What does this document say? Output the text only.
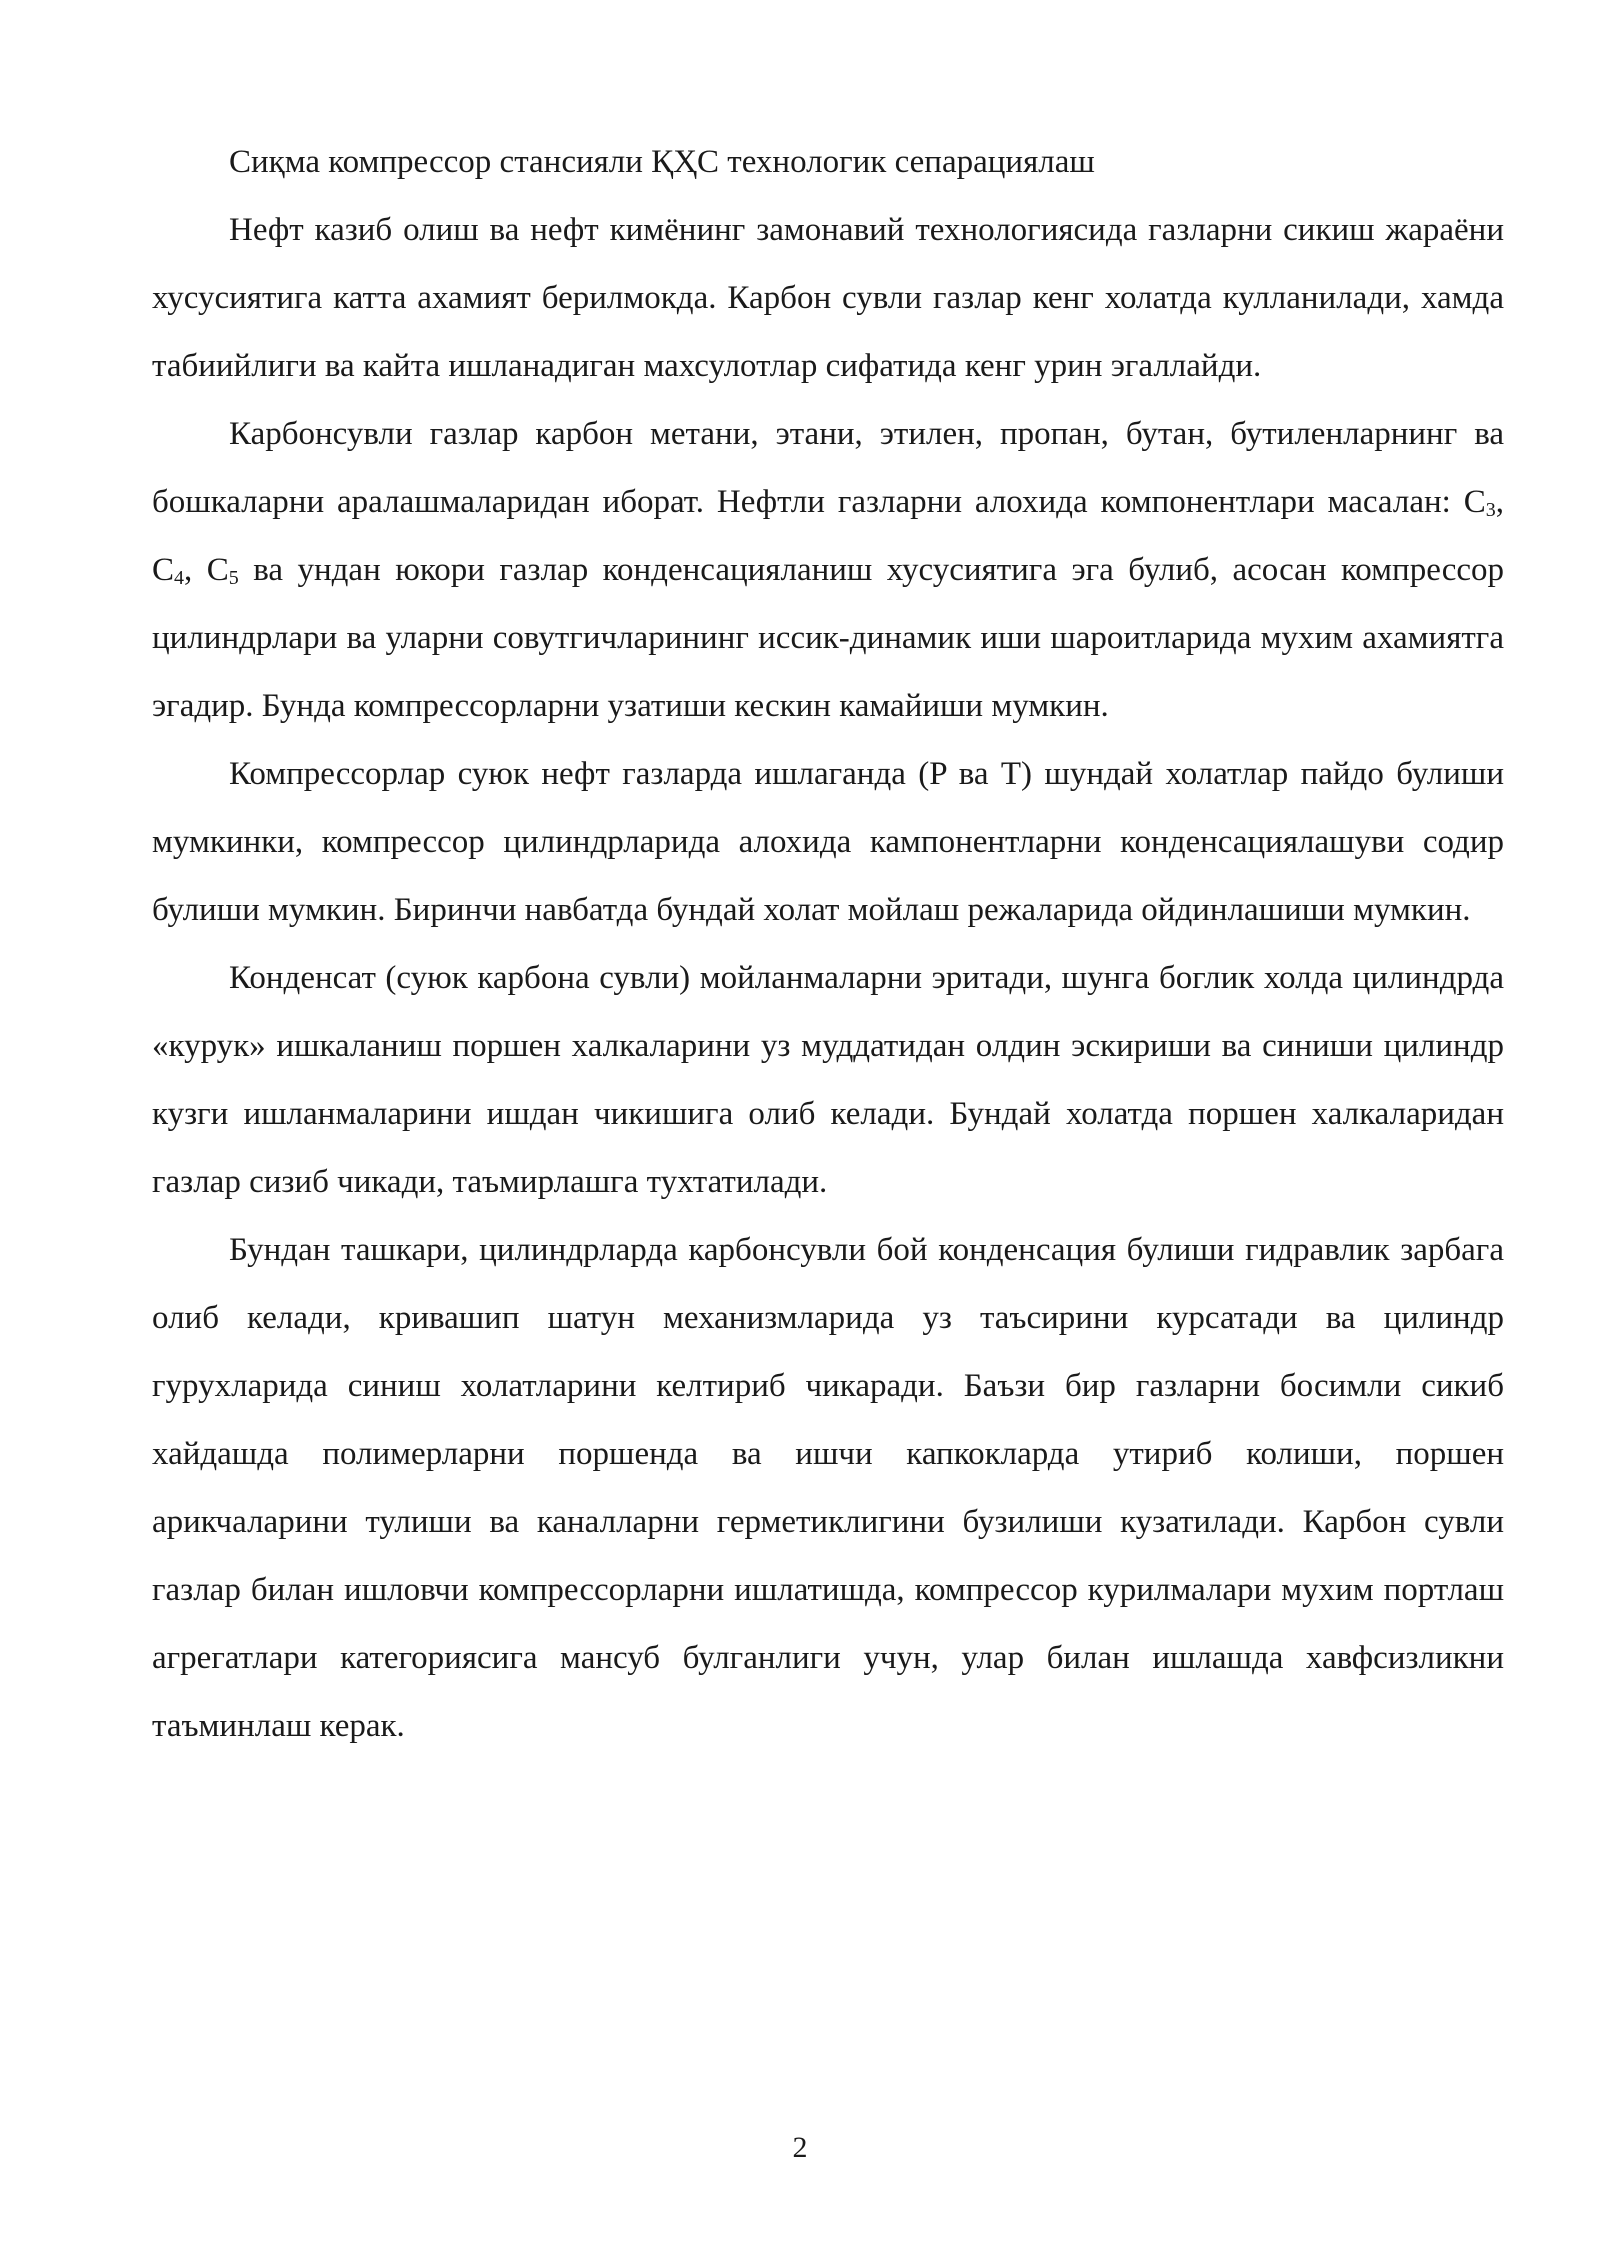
Сиқма компрессор стансияли ҚҲС технологик сепарациялаш

Нефт казиб олиш ва нефт кимёнинг замонавий технологиясида газларни сикиш жараёни хусусиятига катта ахамият берилмокда. Карбон сувли газлар кенг холатда кулланилади, хамда табиийлиги ва кайта ишланадиган махсулотлар сифатида кенг урин эгаллайди.

Карбонсувли газлар карбон метани, этани, этилен, пропан, бутан, бутиленларнинг ва бошкаларни аралашмаларидан иборат. Нефтли газларни алохида компонентлари масалан: $C_3$, $C_4$, $C_5$ ва ундан юкори газлар конденсацияланиш хусусиятига эга булиб, асосан компрессор цилиндрлари ва уларни совутгичларининг иссик-динамик иши шароитларида мухим ахамиятга эгадир. Бунда компрессорларни узатиши кескин камайиши мумкин.

Компрессорлар суюк нефт газларда ишлаганда (P ва T) шундай холатлар пайдо булиши мумкинки, компрессор цилиндрларида алохида кампонентларни конденсациялашуви содир булиши мумкин. Биринчи навбатда бундай холат мойлаш режаларида ойдинлашиши мумкин.

Конденсат (суюк карбона сувли) мойланмаларни эритади, шунга боглик холда цилиндрда «курук» ишкаланиш поршен халкаларини уз муддатидан олдин эскириши ва синиши цилиндр кузги ишланмаларини ишдан чикишига олиб келади. Бундай холатда поршен халкаларидан газлар сизиб чикади, таъмирлашга тухтатилади.

Бундан ташкари, цилиндрларда карбонсувли бой конденсация булиши гидравлик зарбага олиб келади, кривашип шатун механизмларида уз таъсирини курсатади ва цилиндр гурухларида синиш холатларини келтириб чикаради. Баъзи бир газларни босимли сикиб хайдашда полимерларни поршенда ва ишчи капкокларда утириб колиши, поршен арикчаларини тулиши ва каналларни герметиклигини бузилиши кузатилади. Карбон сувли газлар билан ишловчи компрессорларни ишлатишда, компрессор курилмалари мухим портлаш агрегатлари категориясига мансуб булганлиги учун, улар билан ишлашда хавфсизликни таъминлаш керак.

2
